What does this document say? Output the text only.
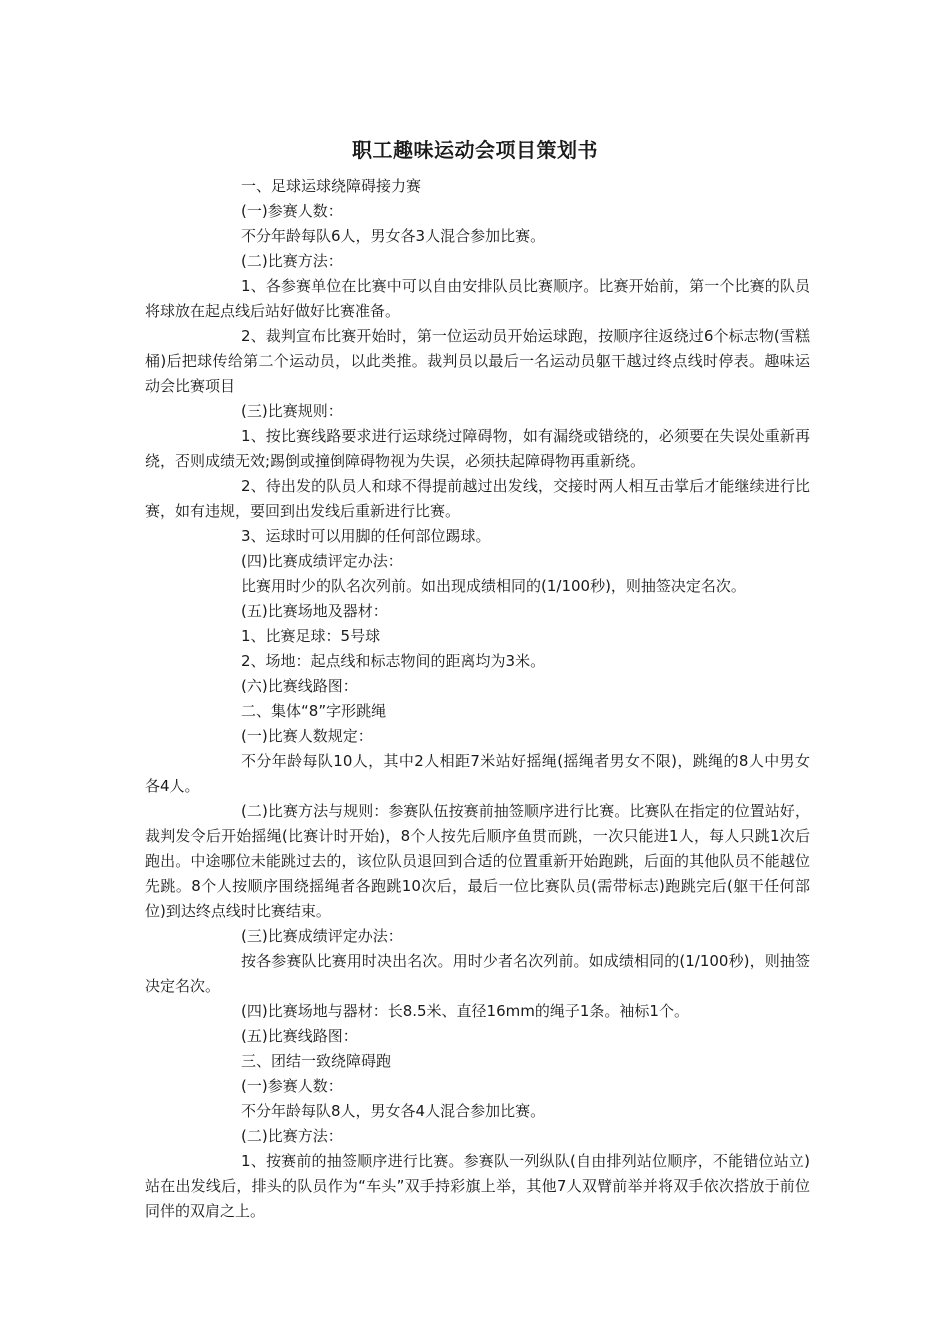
职工趣味运动会项目策划书

一、足球运球绕障碍接力赛

(一)参赛人数：

不分年龄每队6人，男女各3人混合参加比赛。

(二)比赛方法：

1、各参赛单位在比赛中可以自由安排队员比赛顺序。比赛开始前，第一个比赛的队员将球放在起点线后站好做好比赛准备。

2、裁判宣布比赛开始时，第一位运动员开始运球跑，按顺序往返绕过6个标志物(雪糕桶)后把球传给第二个运动员，以此类推。裁判员以最后一名运动员躯干越过终点线时停表。趣味运动会比赛项目

(三)比赛规则：

1、按比赛线路要求进行运球绕过障碍物，如有漏绕或错绕的，必须要在失误处重新再绕，否则成绩无效;踢倒或撞倒障碍物视为失误，必须扶起障碍物再重新绕。

2、待出发的队员人和球不得提前越过出发线，交接时两人相互击掌后才能继续进行比赛，如有违规，要回到出发线后重新进行比赛。

3、运球时可以用脚的任何部位踢球。

(四)比赛成绩评定办法：

比赛用时少的队名次列前。如出现成绩相同的(1/100秒)，则抽签决定名次。

(五)比赛场地及器材：

1、比赛足球：5号球

2、场地：起点线和标志物间的距离均为3米。

(六)比赛线路图：

二、集体“8”字形跳绳

(一)比赛人数规定：

不分年龄每队10人，其中2人相距7米站好摇绳(摇绳者男女不限)，跳绳的8人中男女各4人。

(二)比赛方法与规则：参赛队伍按赛前抽签顺序进行比赛。比赛队在指定的位置站好，裁判发令后开始摇绳(比赛计时开始)，8个人按先后顺序鱼贯而跳，一次只能进1人，每人只跳1次后跑出。中途哪位未能跳过去的，该位队员退回到合适的位置重新开始跑跳，后面的其他队员不能越位先跳。8个人按顺序围绕摇绳者各跑跳10次后，最后一位比赛队员(需带标志)跑跳完后(躯干任何部位)到达终点线时比赛结束。

(三)比赛成绩评定办法：

按各参赛队比赛用时决出名次。用时少者名次列前。如成绩相同的(1/100秒)，则抽签决定名次。

(四)比赛场地与器材：长8.5米、直径16mm的绳子1条。袖标1个。

(五)比赛线路图：

三、团结一致绕障碍跑

(一)参赛人数：

不分年龄每队8人，男女各4人混合参加比赛。

(二)比赛方法：

1、按赛前的抽签顺序进行比赛。参赛队一列纵队(自由排列站位顺序，不能错位站立)站在出发线后，排头的队员作为“车头”双手持彩旗上举，其他7人双臂前举并将双手依次搭放于前位同伴的双肩之上。
